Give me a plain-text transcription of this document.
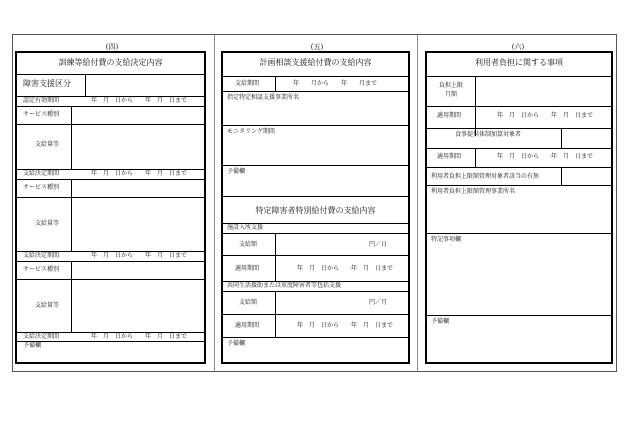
(四)	(五)	(六)
訓練等給付費の支給決定内容
障害支援区分
認定有効期間	年　月　日から　　年　月　日まで
サービス種別
支給量等
支給決定期間	年　月　日から　　年　月　日まで
サービス種別
支給量等
支給決定期間	年　月　日から　　年　月　日まで
サービス種別
支給量等
支給決定期間	年　月　日から　　年　月　日まで
予備欄
計画相談支援給付費の支給内容
支給期間	年　　月から　　年　　月まで
指定特定相談支援事業所名
モニタリング期間
予備欄
特定障害者特別給付費の支給内容
施設入所支援
支給額	円／日
適用期間	年　月　日から　　年　月　日まで
共同生活援助または重度障害者等包括支援
支給額	円／月
適用期間	年　月　日から　　年　月　日まで
予備欄
利用者負担に関する事項
負担上限
月額
適用期間	年　月　日から　　年　月　日まで
食事提供体制加算対象者
適用期間	年　月　日から　　年　月　日まで
利用者負担上限額管理対象者該当の有無
利用者負担上限額管理事業所名
特記事項欄
予備欄
